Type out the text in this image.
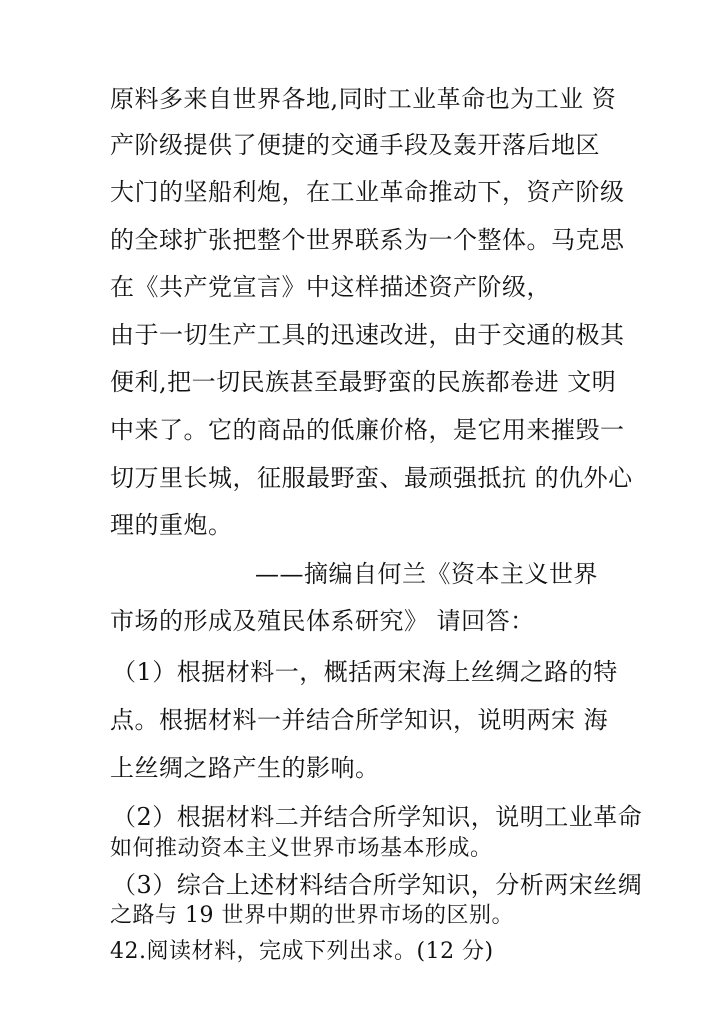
原料多来自世界各地,同时工业革命也为工业 资
产阶级提供了便捷的交通手段及轰开落后地区
大门的坚船利炮，在工业革命推动下，资产阶级
的全球扩张把整个世界联系为一个整体。马克思
在《共产党宣言》中这样描述资产阶级，
由于一切生产工具的迅速改进，由于交通的极其
便利,把一切民族甚至最野蛮的民族都卷进 文明
中来了。它的商品的低廉价格，是它用来摧毁一
切万里长城，征服最野蛮、最顽强抵抗 的仇外心
理的重炮。
——摘编自何兰《资本主义世界
市场的形成及殖民体系研究》 请回答：
（1）根据材料一，概括两宋海上丝绸之路的特
点。根据材料一并结合所学知识，说明两宋 海
上丝绸之路产生的影响。
（2）根据材料二并结合所学知识，说明工业革命
如何推动资本主义世界市场基本形成。
（3）综合上述材料结合所学知识，分析两宋丝绸
之路与 19 世界中期的世界市场的区别。
42.阅读材料，完成下列出求。(12 分)
